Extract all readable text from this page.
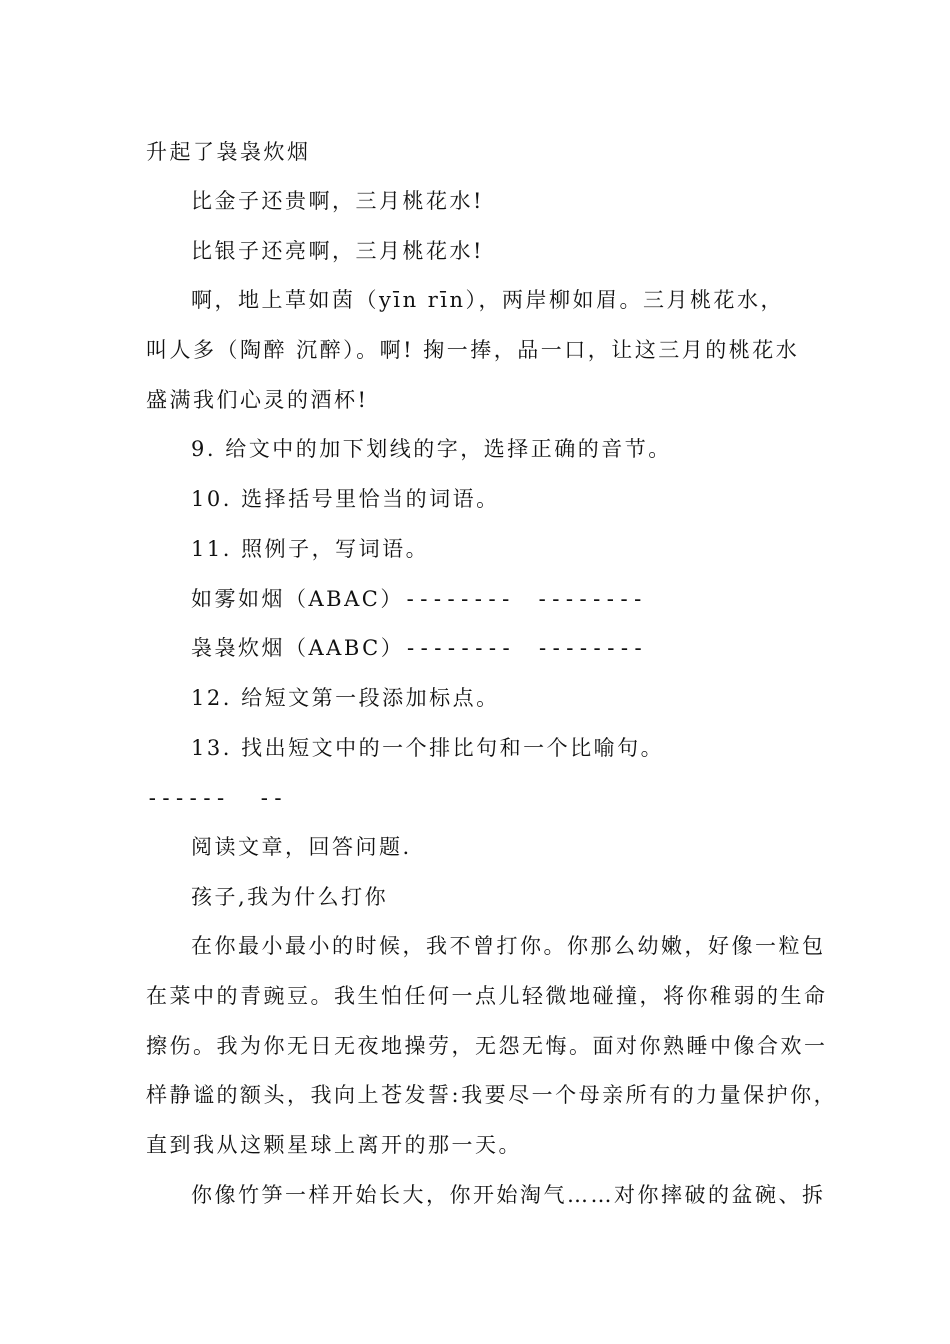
升起了袅袅炊烟
比金子还贵啊，三月桃花水!
比银子还亮啊，三月桃花水!
啊，地上草如茵（yīn rīn），两岸柳如眉。三月桃花水，
叫人多（陶醉 沉醉）。啊! 掬一捧，品一口，让这三月的桃花水
盛满我们心灵的酒杯!
9. 给文中的加下划线的字，选择正确的音节。
10. 选择括号里恰当的词语。
11. 照例子，写词语。
如雾如烟（ABAC）-------- --------
袅袅炊烟（AABC）-------- --------
12. 给短文第一段添加标点。
13. 找出短文中的一个排比句和一个比喻句。
------ --
阅读文章，回答问题.
孩子,我为什么打你
在你最小最小的时候，我不曾打你。你那么幼嫩，好像一粒包
在菜中的青豌豆。我生怕任何一点儿轻微地碰撞，将你稚弱的生命
擦伤。我为你无日无夜地操劳，无怨无悔。面对你熟睡中像合欢一
样静谧的额头，我向上苍发誓:我要尽一个母亲所有的力量保护你，
直到我从这颗星球上离开的那一天。
你像竹笋一样开始长大，你开始淘气……对你摔破的盆碗、拆
